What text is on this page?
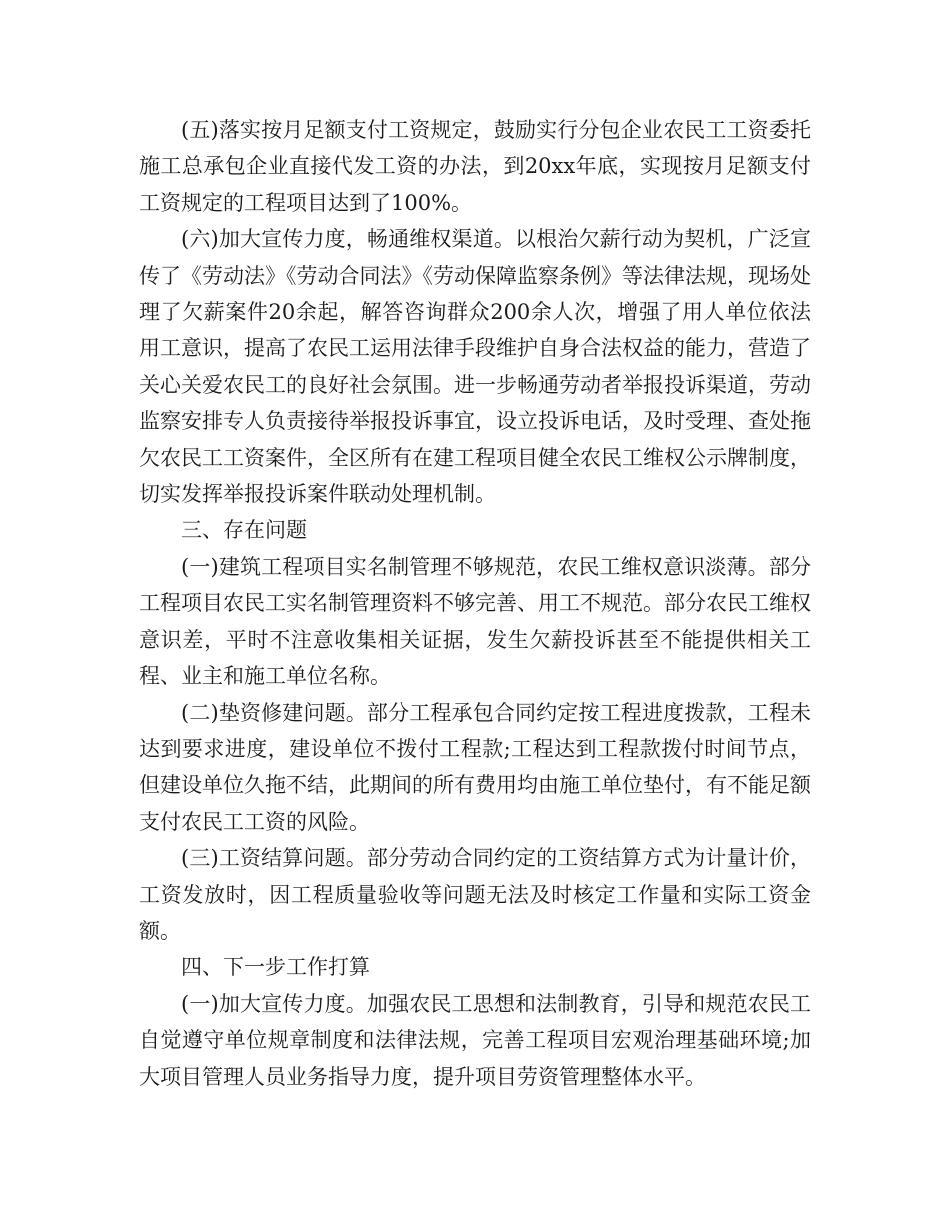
(五)落实按月足额支付工资规定，鼓励实行分包企业农民工工资委托施工总承包企业直接代发工资的办法，到20xx年底，实现按月足额支付工资规定的工程项目达到了100%。

(六)加大宣传力度，畅通维权渠道。以根治欠薪行动为契机，广泛宣传了《劳动法》《劳动合同法》《劳动保障监察条例》等法律法规，现场处理了欠薪案件20余起，解答咨询群众200余人次，增强了用人单位依法用工意识，提高了农民工运用法律手段维护自身合法权益的能力，营造了关心关爱农民工的良好社会氛围。进一步畅通劳动者举报投诉渠道，劳动监察安排专人负责接待举报投诉事宜，设立投诉电话，及时受理、查处拖欠农民工工资案件，全区所有在建工程项目健全农民工维权公示牌制度，切实发挥举报投诉案件联动处理机制。

三、存在问题

(一)建筑工程项目实名制管理不够规范，农民工维权意识淡薄。部分工程项目农民工实名制管理资料不够完善、用工不规范。部分农民工维权意识差，平时不注意收集相关证据，发生欠薪投诉甚至不能提供相关工程、业主和施工单位名称。

(二)垫资修建问题。部分工程承包合同约定按工程进度拨款，工程未达到要求进度，建设单位不拨付工程款;工程达到工程款拨付时间节点，但建设单位久拖不结，此期间的所有费用均由施工单位垫付，有不能足额支付农民工工资的风险。

(三)工资结算问题。部分劳动合同约定的工资结算方式为计量计价，工资发放时，因工程质量验收等问题无法及时核定工作量和实际工资金额。

四、下一步工作打算

(一)加大宣传力度。加强农民工思想和法制教育，引导和规范农民工自觉遵守单位规章制度和法律法规，完善工程项目宏观治理基础环境;加大项目管理人员业务指导力度，提升项目劳资管理整体水平。
